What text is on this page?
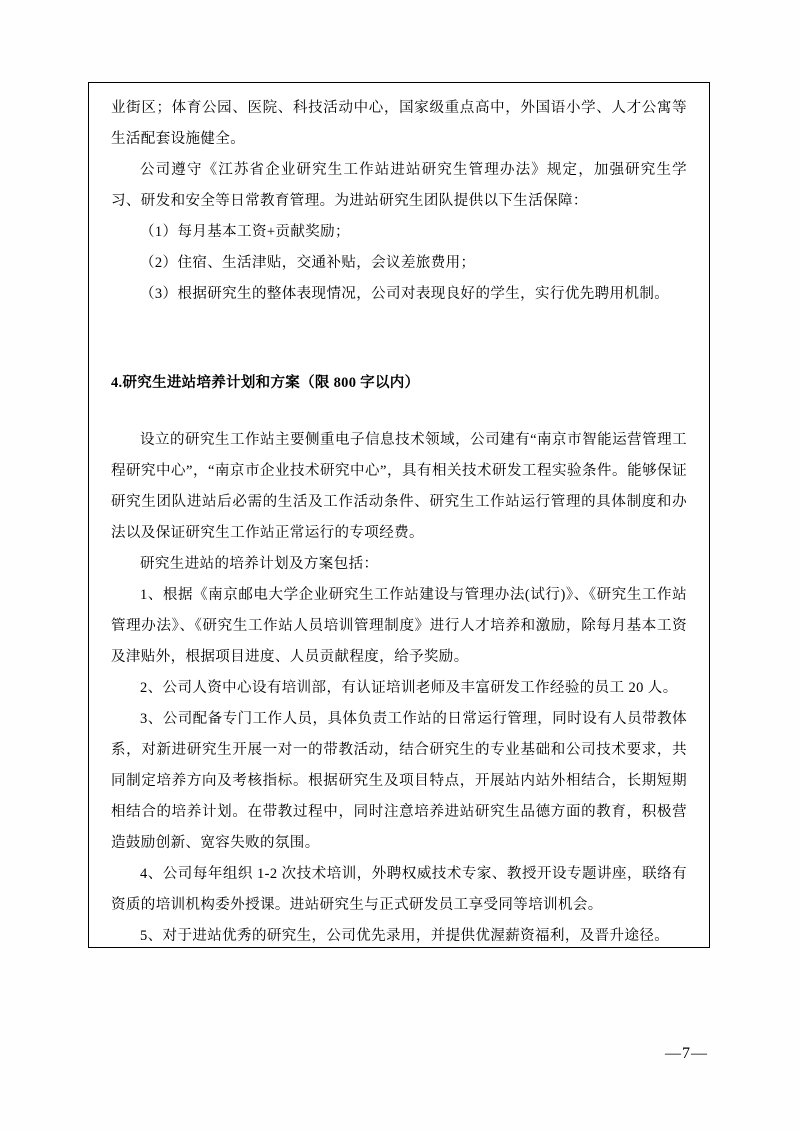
业街区；体育公园、医院、科技活动中心，国家级重点高中，外国语小学、人才公寓等生活配套设施健全。

公司遵守《江苏省企业研究生工作站进站研究生管理办法》规定，加强研究生学习、研发和安全等日常教育管理。为进站研究生团队提供以下生活保障：

（1）每月基本工资+贡献奖励；

（2）住宿、生活津贴，交通补贴，会议差旅费用；

（3）根据研究生的整体表现情况，公司对表现良好的学生，实行优先聘用机制。

4.研究生进站培养计划和方案（限 800 字以内）

设立的研究生工作站主要侧重电子信息技术领域，公司建有“南京市智能运营管理工程研究中心”，“南京市企业技术研究中心”，具有相关技术研发工程实验条件。能够保证研究生团队进站后必需的生活及工作活动条件、研究生工作站运行管理的具体制度和办法以及保证研究生工作站正常运行的专项经费。

研究生进站的培养计划及方案包括：

1、根据《南京邮电大学企业研究生工作站建设与管理办法(试行)》、《研究生工作站管理办法》、《研究生工作站人员培训管理制度》进行人才培养和激励，除每月基本工资及津贴外，根据项目进度、人员贡献程度，给予奖励。

2、公司人资中心设有培训部，有认证培训老师及丰富研发工作经验的员工 20 人。

3、公司配备专门工作人员，具体负责工作站的日常运行管理，同时设有人员带教体系，对新进研究生开展一对一的带教活动，结合研究生的专业基础和公司技术要求，共同制定培养方向及考核指标。根据研究生及项目特点，开展站内站外相结合，长期短期相结合的培养计划。在带教过程中，同时注意培养进站研究生品德方面的教育，积极营造鼓励创新、宽容失败的氛围。

4、公司每年组织 1-2 次技术培训，外聘权威技术专家、教授开设专题讲座，联络有资质的培训机构委外授课。进站研究生与正式研发员工享受同等培训机会。

5、对于进站优秀的研究生，公司优先录用，并提供优渥薪资福利，及晋升途径。

—7—
